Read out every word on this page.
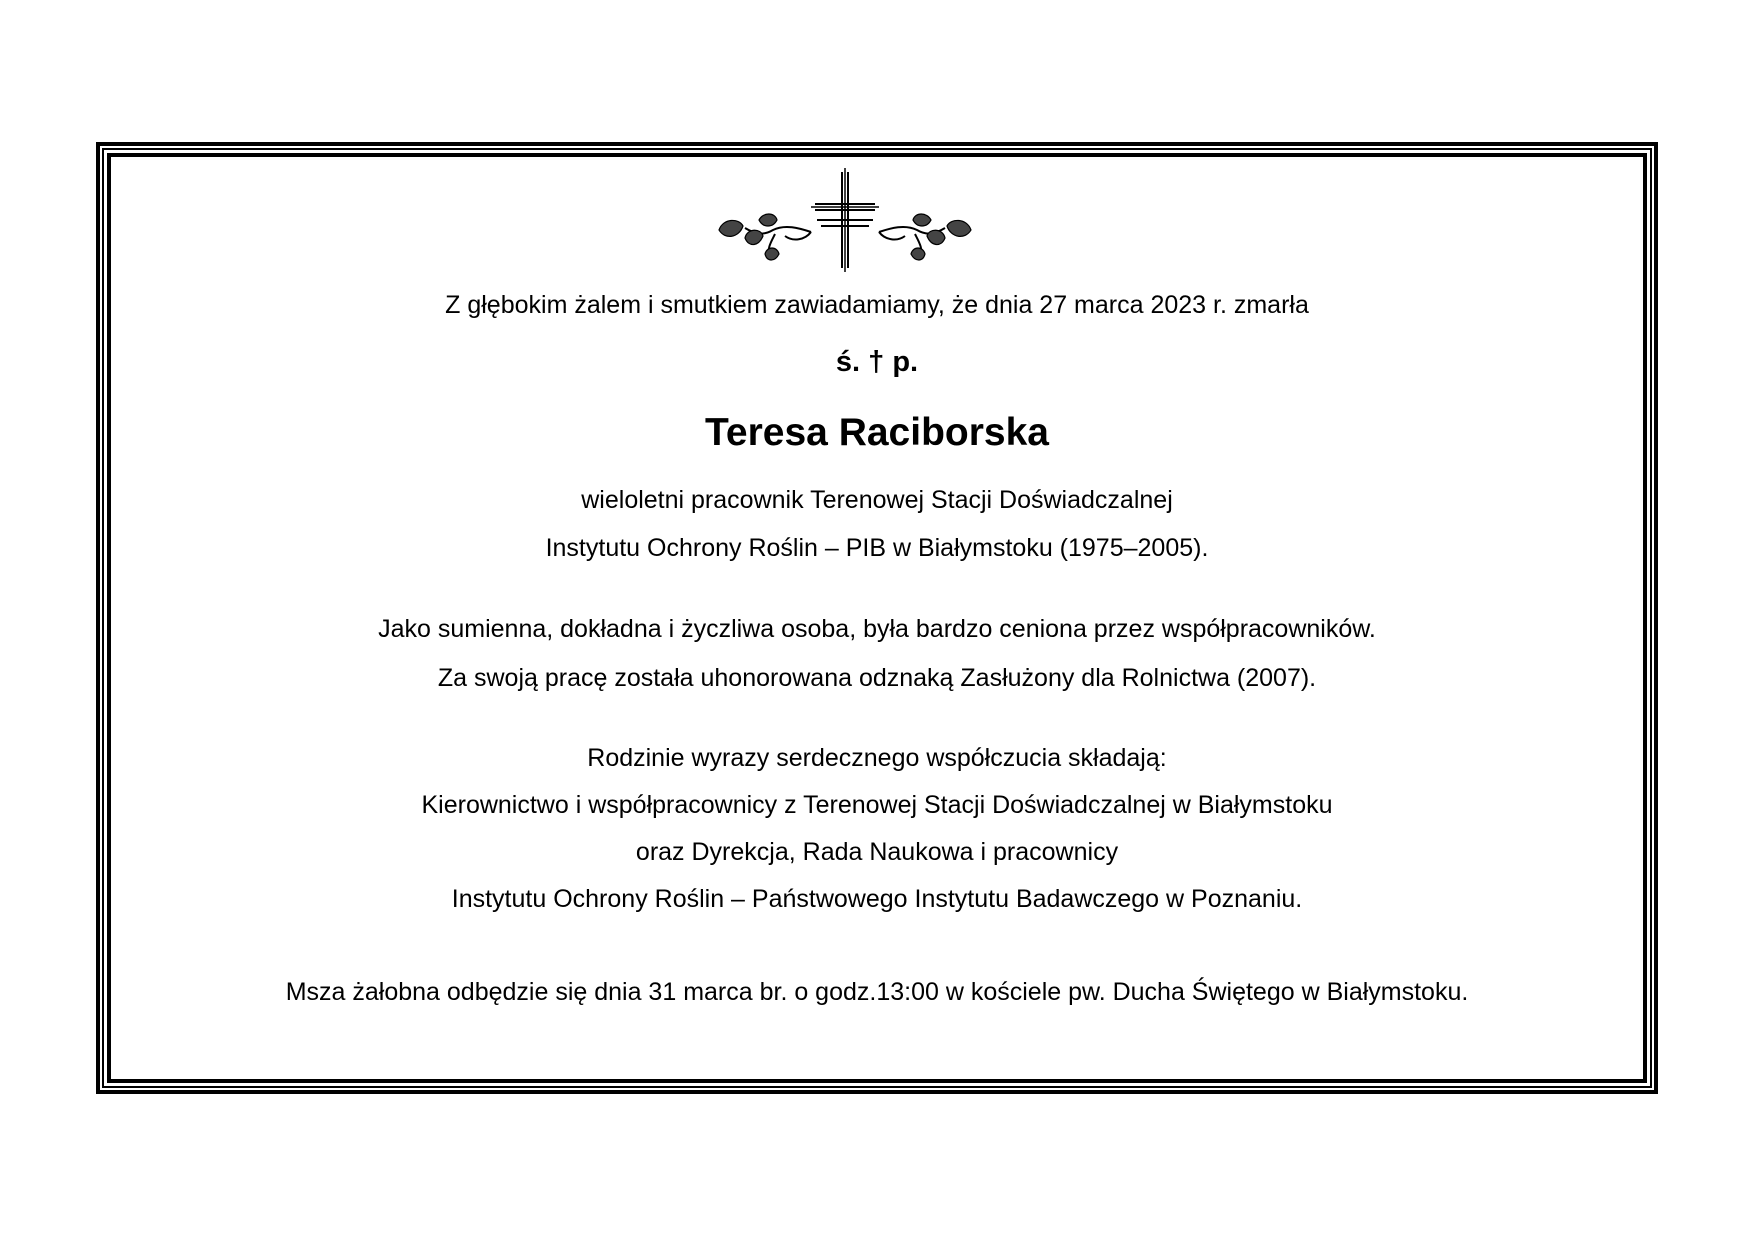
Z głębokim żalem i smutkiem zawiadamiamy, że dnia 27 marca 2023 r. zmarła
ś. † p.
Teresa Raciborska
wieloletni pracownik Terenowej Stacji Doświadczalnej
Instytutu Ochrony Roślin – PIB w Białymstoku (1975–2005).
Jako sumienna, dokładna i życzliwa osoba, była bardzo ceniona przez współpracowników.
Za swoją pracę została uhonorowana odznaką Zasłużony dla Rolnictwa (2007).
Rodzinie wyrazy serdecznego współczucia składają:
Kierownictwo i współpracownicy z Terenowej Stacji Doświadczalnej w Białymstoku
oraz Dyrekcja, Rada Naukowa i pracownicy
Instytutu Ochrony Roślin – Państwowego Instytutu Badawczego w Poznaniu.
Msza żałobna odbędzie się dnia 31 marca br. o godz.13:00 w kościele pw. Ducha Świętego w Białymstoku.
